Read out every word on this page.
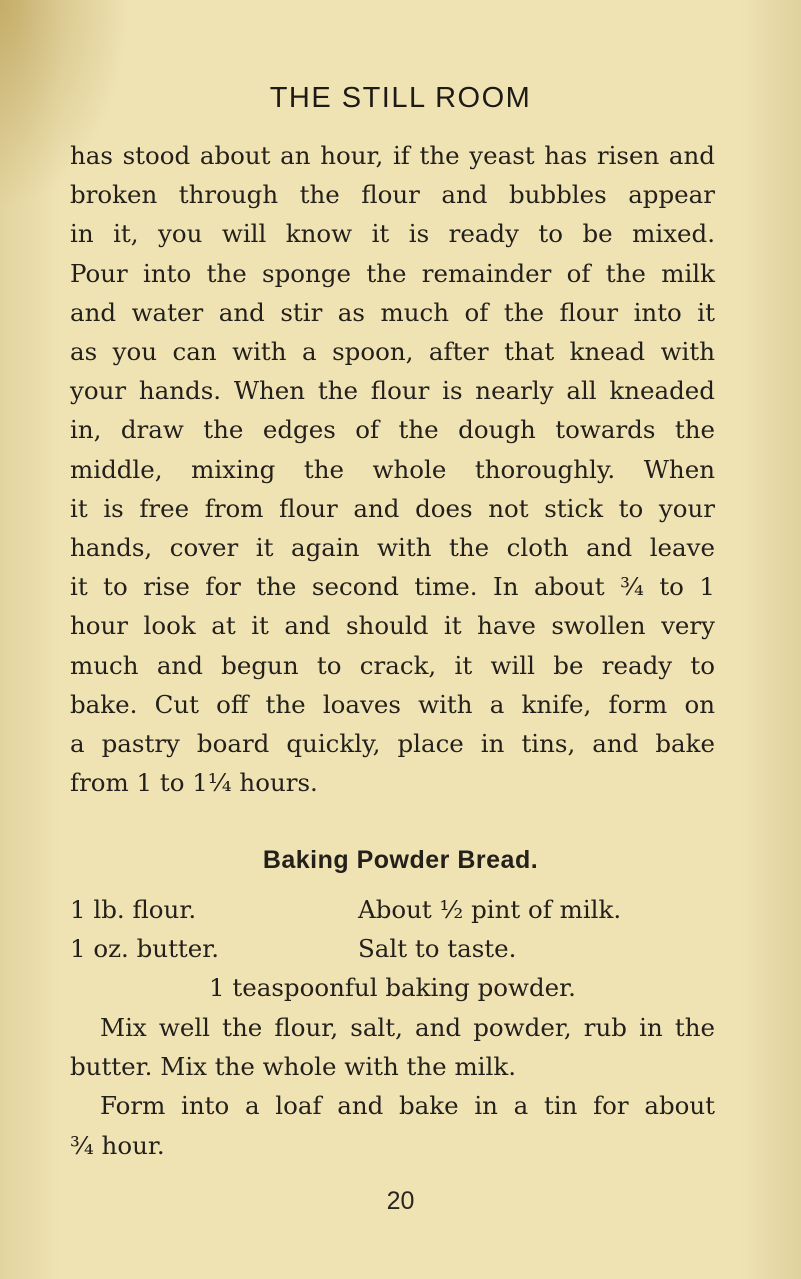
THE STILL ROOM
has stood about an hour, if the yeast has risen and
broken through the flour and bubbles appear
in it, you will know it is ready to be mixed.
Pour into the sponge the remainder of the milk
and water and stir as much of the flour into it
as you can with a spoon, after that knead with
your hands. When the flour is nearly all kneaded
in, draw the edges of the dough towards the
middle, mixing the whole thoroughly. When
it is free from flour and does not stick to your
hands, cover it again with the cloth and leave
it to rise for the second time. In about ¾ to 1
hour look at it and should it have swollen very
much and begun to crack, it will be ready to
bake. Cut off the loaves with a knife, form on
a pastry board quickly, place in tins, and bake
from 1 to 1¼ hours.
Baking Powder Bread.
1 lb. flour.	About ½ pint of milk.
1 oz. butter.	Salt to taste.
1 teaspoonful baking powder.
Mix well the flour, salt, and powder, rub in the
butter. Mix the whole with the milk.
Form into a loaf and bake in a tin for about
¾ hour.
20
